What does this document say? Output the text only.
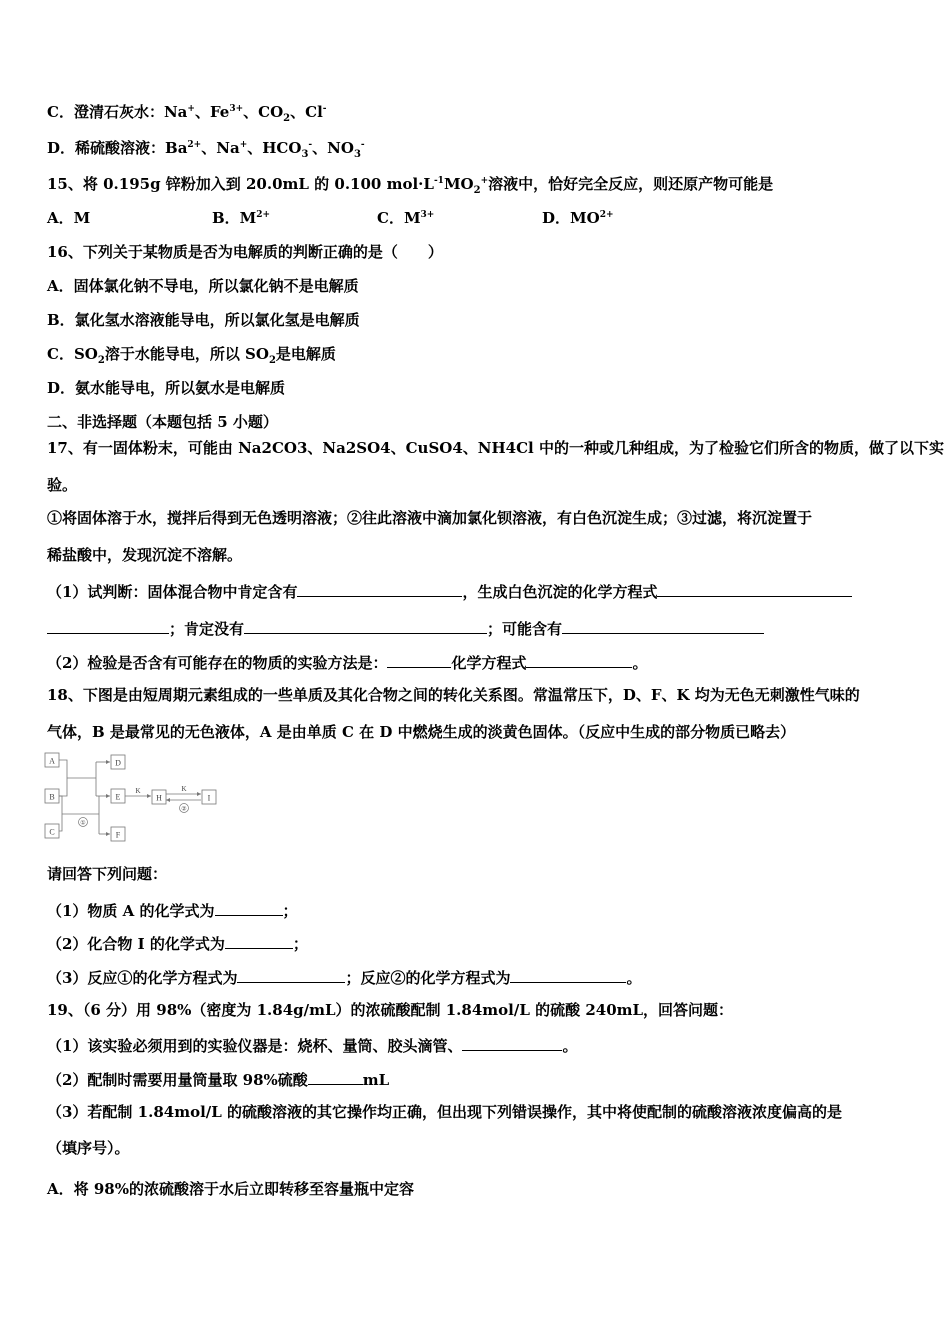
C．澄清石灰水：Na+、$Fe^{3+}$、$CO_2$、Cl-
D．稀硫酸溶液：$Ba^{2+}$、Na+、$HCO_3^-$、$NO_3^-$
15、将 0.195g 锌粉加入到 20.0mL 的 0.100 $mol\cdot L^{-1}MO_2^+$溶液中，恰好完全反应，则还原产物可能是
A．M	B．$M^{2+}$	C．$M^{3+}$	D．$MO^{2+}$
16、下列关于某物质是否为电解质的判断正确的是（　　）
A．固体氯化钠不导电，所以氯化钠不是电解质
B．氯化氢水溶液能导电，所以氯化氢是电解质
C．$SO_2$溶于水能导电，所以 $SO_2$是电解质
D．氨水能导电，所以氨水是电解质
二、非选择题（本题包括 5 小题）
17、有一固体粉末，可能由 Na2CO3、Na2SO4、CuSO4、NH4Cl 中的一种或几种组成，为了检验它们所含的物质，做了以下实
验。
①将固体溶于水，搅拌后得到无色透明溶液；②往此溶液中滴加氯化钡溶液，有白色沉淀生成；③过滤，将沉淀置于
稀盐酸中，发现沉淀不溶解。
（1）试判断：固体混合物中肯定含有	，生成白色沉淀的化学方程式
；肯定没有	；可能含有
（2）检验是否含有可能存在的物质的实验方法是：	化学方程式	。
18、下图是由短周期元素组成的一些单质及其化合物之间的转化关系图。常温常压下，D、F、K 均为无色无刺激性气味的
气体，B 是最常见的无色液体，A 是由单质 C 在 D 中燃烧生成的淡黄色固体。（反应中生成的部分物质已略去）
A
B
C
D
E
F
H	I
K	K
①
②
请回答下列问题：
（1）物质 A 的化学式为	；
（2）化合物 I 的化学式为	；
（3）反应①的化学方程式为	；反应②的化学方程式为	。
19、（6 分）用 98%（密度为 1.84g/mL）的浓硫酸配制 1.84mol/L 的硫酸 240mL，回答问题：
（1）该实验必须用到的实验仪器是：烧杯、量筒、胶头滴管、	。
（2）配制时需要用量筒量取 98%硫酸	mL
（3）若配制 1.84mol/L 的硫酸溶液的其它操作均正确，但出现下列错误操作，其中将使配制的硫酸溶液浓度偏高的是
（填序号）。
A．将 98%的浓硫酸溶于水后立即转移至容量瓶中定容
